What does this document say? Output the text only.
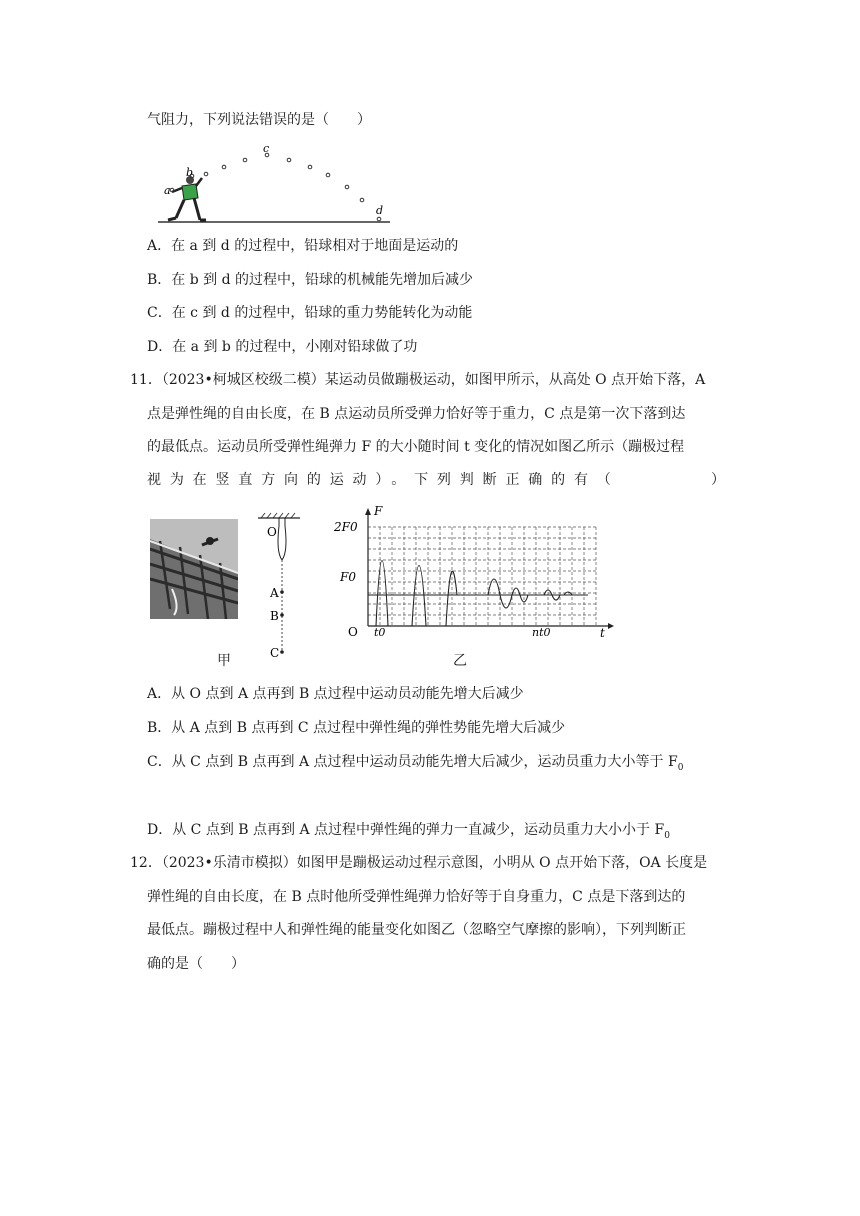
气阻力，下列说法错误的是（　　）
a
b
c
d
A．在 a 到 d 的过程中，铅球相对于地面是运动的
B．在 b 到 d 的过程中，铅球的机械能先增加后减少
C．在 c 到 d 的过程中，铅球的重力势能转化为动能
D．在 a 到 b 的过程中，小刚对铅球做了功
11．（2023•柯城区校级二模）某运动员做蹦极运动，如图甲所示，从高处 O 点开始下落，A
点是弹性绳的自由长度，在 B 点运动员所受弹力恰好等于重力，C 点是第一次下落到达
的最低点。运动员所受弹性绳弹力 F 的大小随时间 t 变化的情况如图乙所示（蹦极过程
视为在竖直方向的运动）。下列判断正确的有（　　　　）
O
A
B
C
2F0
F0
F
t
O t0	nt0
甲	乙
A．从 O 点到 A 点再到 B 点过程中运动员动能先增大后减少
B．从 A 点到 B 点再到 C 点过程中弹性绳的弹性势能先增大后减少
C．从 C 点到 B 点再到 A 点过程中运动员动能先增大后减少，运动员重力大小等于 $F_0$
D．从 C 点到 B 点再到 A 点过程中弹性绳的弹力一直减少，运动员重力大小小于 $F_0$
12．（2023•乐清市模拟）如图甲是蹦极运动过程示意图，小明从 O 点开始下落，OA 长度是
弹性绳的自由长度，在 B 点时他所受弹性绳弹力恰好等于自身重力，C 点是下落到达的
最低点。蹦极过程中人和弹性绳的能量变化如图乙（忽略空气摩擦的影响），下列判断正
确的是（　　）
